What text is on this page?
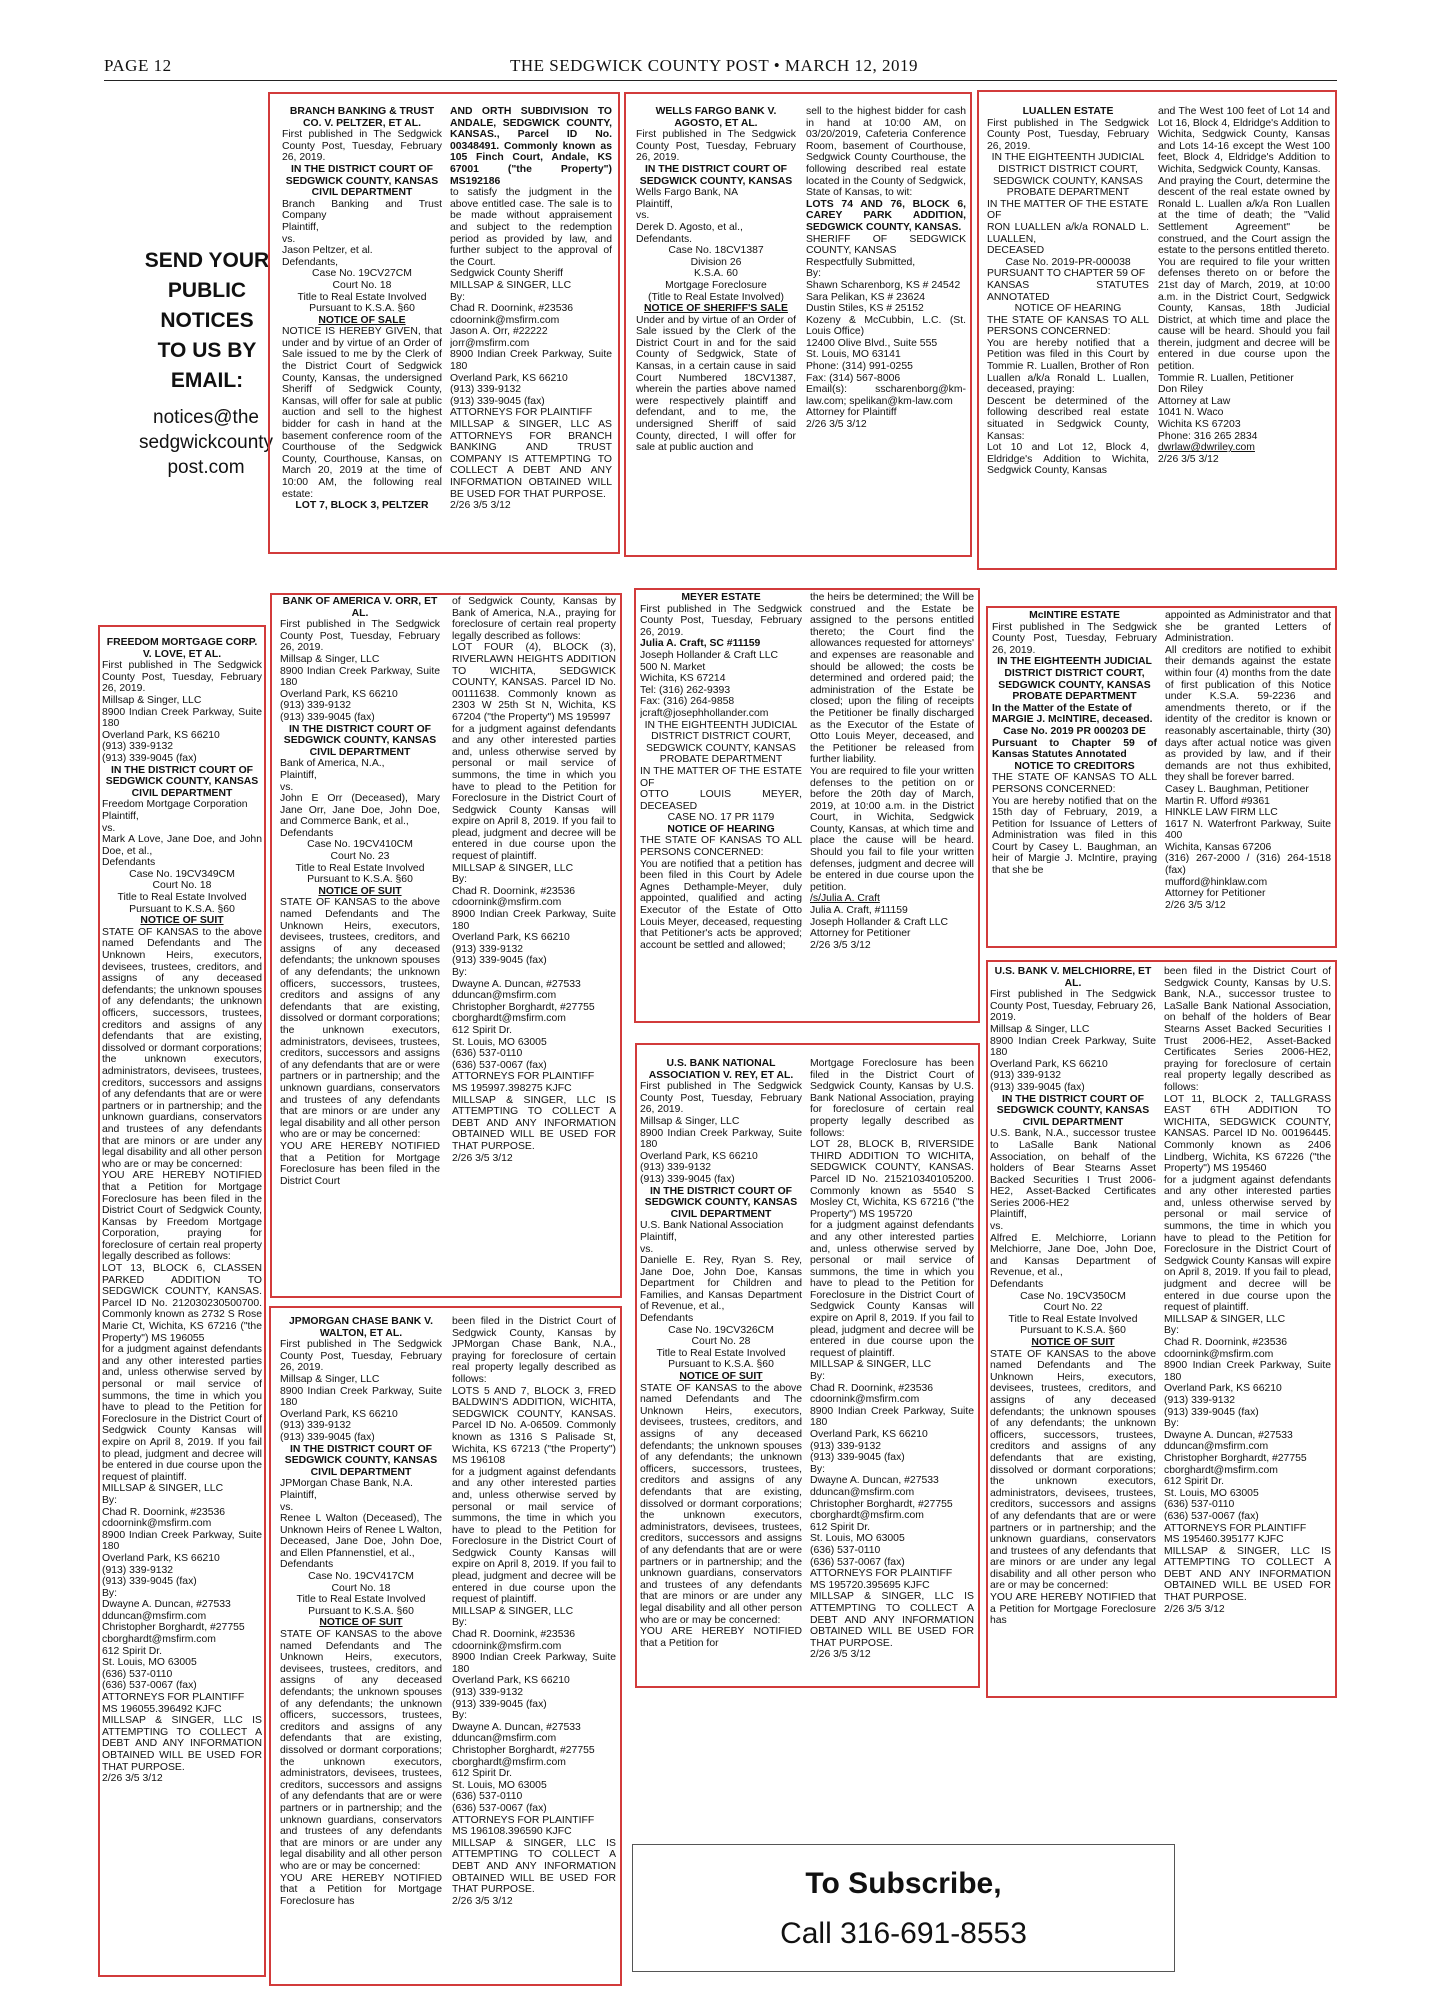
PAGE 12	THE SEDGWICK COUNTY POST • MARCH 12, 2019
SEND YOUR
PUBLIC
NOTICES
TO US BY
EMAIL:
notices@the
sedgwickcounty
post.com

BRANCH BANKING & TRUST CO. V. PELTZER, ET AL.

First published in The Sedgwick County Post, Tuesday, February 26, 2019.

IN THE DISTRICT COURT OF SEDGWICK COUNTY, KANSAS

CIVIL DEPARTMENT

Branch Banking and Trust Company

Plaintiff,

vs.

Jason Peltzer, et al.

Defendants,

Case No. 19CV27CM

Court No. 18

Title to Real Estate Involved

Pursuant to K.S.A. §60

NOTICE OF SALE

NOTICE IS HEREBY GIVEN, that under and by virtue of an Order of Sale issued to me by the Clerk of the District Court of Sedgwick County, Kansas, the undersigned Sheriff of Sedgwick County, Kansas, will offer for sale at public auction and sell to the highest bidder for cash in hand at the basement conference room of the Courthouse of the Sedgwick County, Courthouse, Kansas, on March 20, 2019 at the time of 10:00 AM, the following real estate:

LOT 7, BLOCK 3, PELTZER

AND ORTH SUBDIVISION TO ANDALE, SEDGWICK COUNTY, KANSAS., Parcel ID No. 00348491. Commonly known as 105 Finch Court, Andale, KS 67001 ("the Property") MS192186

to satisfy the judgment in the above entitled case. The sale is to be made without appraisement and subject to the redemption period as provided by law, and further subject to the approval of the Court.

Sedgwick County Sheriff

MILLSAP & SINGER, LLC

By:

Chad R. Doornink, #23536

cdoornink@msfirm.com

Jason A. Orr, #22222

jorr@msfirm.com

8900 Indian Creek Parkway, Suite 180

Overland Park, KS 66210

(913) 339-9132

(913) 339-9045 (fax)

ATTORNEYS FOR PLAINTIFF

MILLSAP & SINGER, LLC AS ATTORNEYS FOR BRANCH BANKING AND TRUST COMPANY IS ATTEMPTING TO COLLECT A DEBT AND ANY INFORMATION OBTAINED WILL BE USED FOR THAT PURPOSE.

2/26 3/5 3/12

WELLS FARGO BANK V. AGOSTO, ET AL.

First published in The Sedgwick County Post, Tuesday, February 26, 2019.

IN THE DISTRICT COURT OF SEDGWICK COUNTY, KANSAS

Wells Fargo Bank, NA

Plaintiff,

vs.

Derek D. Agosto, et al.,

Defendants.

Case No. 18CV1387

Division 26

K.S.A. 60

Mortgage Foreclosure

(Title to Real Estate Involved)

NOTICE OF SHERIFF'S SALE

Under and by virtue of an Order of Sale issued by the Clerk of the District Court in and for the said County of Sedgwick, State of Kansas, in a certain cause in said Court Numbered 18CV1387, wherein the parties above named were respectively plaintiff and defendant, and to me, the undersigned Sheriff of said County, directed, I will offer for sale at public auction and

sell to the highest bidder for cash in hand at 10:00 AM, on 03/20/2019, Cafeteria Conference Room, basement of Courthouse, Sedgwick County Courthouse, the following described real estate located in the County of Sedgwick, State of Kansas, to wit:

LOTS 74 AND 76, BLOCK 6, CAREY PARK ADDITION, SEDGWICK COUNTY, KANSAS.

SHERIFF OF SEDGWICK COUNTY, KANSAS

Respectfully Submitted,

By:

Shawn Scharenborg, KS # 24542

Sara Pelikan, KS # 23624

Dustin Stiles, KS # 25152

Kozeny & McCubbin, L.C. (St. Louis Office)

12400 Olive Blvd., Suite 555

St. Louis, MO 63141

Phone: (314) 991-0255

Fax: (314) 567-8006

Email(s): sscharenborg@km-law.com; spelikan@km-law.com

Attorney for Plaintiff

2/26 3/5 3/12

LUALLEN ESTATE

First published in The Sedgwick County Post, Tuesday, February 26, 2019.

IN THE EIGHTEENTH JUDICIAL DISTRICT DISTRICT COURT, SEDGWICK COUNTY, KANSAS

PROBATE DEPARTMENT

IN THE MATTER OF THE ESTATE

OF

RON LUALLEN a/k/a RONALD L. LUALLEN,

DECEASED

Case No. 2019-PR-000038

PURSUANT TO CHAPTER 59 OF

KANSAS STATUTES ANNOTATED

NOTICE OF HEARING

THE STATE OF KANSAS TO ALL PERSONS CONCERNED:

You are hereby notified that a Petition was filed in this Court by Tommie R. Luallen, Brother of Ron Luallen a/k/a Ronald L. Luallen, deceased, praying:

Descent be determined of the following described real estate situated in Sedgwick County, Kansas:

Lot 10 and Lot 12, Block 4, Eldridge's Addition to Wichita, Sedgwick County, Kansas

and The West 100 feet of Lot 14 and Lot 16, Block 4, Eldridge's Addition to Wichita, Sedgwick County, Kansas and Lots 14-16 except the West 100 feet, Block 4, Eldridge's Addition to Wichita, Sedgwick County, Kansas.

And praying the Court, determine the descent of the real estate owned by Ronald L. Luallen a/k/a Ron Luallen at the time of death; the "Valid Settlement Agreement" be construed, and the Court assign the estate to the persons entitled thereto.

You are required to file your written defenses thereto on or before the 21st day of March, 2019, at 10:00 a.m. in the District Court, Sedgwick County, Kansas, 18th Judicial District, at which time and place the cause will be heard. Should you fail therein, judgment and decree will be entered in due course upon the petition.

Tommie R. Luallen, Petitioner

Don Riley

Attorney at Law

1041 N. Waco

Wichita KS 67203

Phone: 316 265 2834

dwrlaw@dwriley.com

2/26 3/5 3/12

FREEDOM MORTGAGE CORP. V. LOVE, ET AL.

First published in The Sedgwick County Post, Tuesday, February 26, 2019.

Millsap & Singer, LLC

8900 Indian Creek Parkway, Suite 180

Overland Park, KS 66210

(913) 339-9132

(913) 339-9045 (fax)

IN THE DISTRICT COURT OF SEDGWICK COUNTY, KANSAS

CIVIL DEPARTMENT

Freedom Mortgage Corporation

Plaintiff,

vs.

Mark A Love, Jane Doe, and John Doe, et al.,

Defendants

Case No. 19CV349CM

Court No. 18

Title to Real Estate Involved

Pursuant to K.S.A. §60

NOTICE OF SUIT

STATE OF KANSAS to the above named Defendants and The Unknown Heirs, executors, devisees, trustees, creditors, and assigns of any deceased defendants; the unknown spouses of any defendants; the unknown officers, successors, trustees, creditors and assigns of any defendants that are existing, dissolved or dormant corporations; the unknown executors, administrators, devisees, trustees, creditors, successors and assigns of any defendants that are or were partners or in partnership; and the unknown guardians, conservators and trustees of any defendants that are minors or are under any legal disability and all other person who are or may be concerned:

YOU ARE HEREBY NOTIFIED that a Petition for Mortgage Foreclosure has been filed in the District Court of Sedgwick County, Kansas by Freedom Mortgage Corporation, praying for foreclosure of certain real property legally described as follows:

LOT 13, BLOCK 6, CLASSEN PARKED ADDITION TO SEDGWICK COUNTY, KANSAS. Parcel ID No. 212030230500700. Commonly known as 2732 S Rose Marie Ct, Wichita, KS 67216 ("the Property") MS 196055

for a judgment against defendants and any other interested parties and, unless otherwise served by personal or mail service of summons, the time in which you have to plead to the Petition for Foreclosure in the District Court of Sedgwick County Kansas will expire on April 8, 2019. If you fail to plead, judgment and decree will be entered in due course upon the request of plaintiff.

MILLSAP & SINGER, LLC

By:

Chad R. Doornink, #23536

cdoornink@msfirm.com

8900 Indian Creek Parkway, Suite 180

Overland Park, KS 66210

(913) 339-9132

(913) 339-9045 (fax)

By:

Dwayne A. Duncan, #27533

dduncan@msfirm.com

Christopher Borghardt, #27755

cborghardt@msfirm.com

612 Spirit Dr.

St. Louis, MO 63005

(636) 537-0110

(636) 537-0067 (fax)

ATTORNEYS FOR PLAINTIFF

MS 196055.396492 KJFC

MILLSAP & SINGER, LLC IS ATTEMPTING TO COLLECT A DEBT AND ANY INFORMATION OBTAINED WILL BE USED FOR THAT PURPOSE.

2/26 3/5 3/12

BANK OF AMERICA V. ORR, ET AL.

First published in The Sedgwick County Post, Tuesday, February 26, 2019.

Millsap & Singer, LLC

8900 Indian Creek Parkway, Suite 180

Overland Park, KS 66210

(913) 339-9132

(913) 339-9045 (fax)

IN THE DISTRICT COURT OF SEDGWICK COUNTY, KANSAS

CIVIL DEPARTMENT

Bank of America, N.A.,

Plaintiff,

vs.

John E Orr (Deceased), Mary Jane Orr, Jane Doe, John Doe, and Commerce Bank, et al.,

Defendants

Case No. 19CV410CM

Court No. 23

Title to Real Estate Involved

Pursuant to K.S.A. §60

NOTICE OF SUIT

STATE OF KANSAS to the above named Defendants and The Unknown Heirs, executors, devisees, trustees, creditors, and assigns of any deceased defendants; the unknown spouses of any defendants; the unknown officers, successors, trustees, creditors and assigns of any defendants that are existing, dissolved or dormant corporations; the unknown executors, administrators, devisees, trustees, creditors, successors and assigns of any defendants that are or were partners or in partnership; and the unknown guardians, conservators and trustees of any defendants that are minors or are under any legal disability and all other person who are or may be concerned:

YOU ARE HEREBY NOTIFIED that a Petition for Mortgage Foreclosure has been filed in the District Court

of Sedgwick County, Kansas by Bank of America, N.A., praying for foreclosure of certain real property legally described as follows:

LOT FOUR (4), BLOCK (3), RIVERLAWN HEIGHTS ADDITION TO WICHITA, SEDGWICK COUNTY, KANSAS. Parcel ID No. 00111638. Commonly known as 2303 W 25th St N, Wichita, KS 67204 ("the Property") MS 195997

for a judgment against defendants and any other interested parties and, unless otherwise served by personal or mail service of summons, the time in which you have to plead to the Petition for Foreclosure in the District Court of Sedgwick County Kansas will expire on April 8, 2019. If you fail to plead, judgment and decree will be entered in due course upon the request of plaintiff.

MILLSAP & SINGER, LLC

By:

Chad R. Doornink, #23536

cdoornink@msfirm.com

8900 Indian Creek Parkway, Suite 180

Overland Park, KS 66210

(913) 339-9132

(913) 339-9045 (fax)

By:

Dwayne A. Duncan, #27533

dduncan@msfirm.com

Christopher Borghardt, #27755

cborghardt@msfirm.com

612 Spirit Dr.

St. Louis, MO 63005

(636) 537-0110

(636) 537-0067 (fax)

ATTORNEYS FOR PLAINTIFF

MS 195997.398275 KJFC

MILLSAP & SINGER, LLC IS ATTEMPTING TO COLLECT A DEBT AND ANY INFORMATION OBTAINED WILL BE USED FOR THAT PURPOSE.

2/26 3/5 3/12

MEYER ESTATE

First published in The Sedgwick County Post, Tuesday, February 26, 2019.

Julia A. Craft, SC #11159

Joseph Hollander & Craft LLC

500 N. Market

Wichita, KS 67214

Tel: (316) 262-9393

Fax: (316) 264-9858

jcraft@josephhollander.com

IN THE EIGHTEENTH JUDICIAL DISTRICT DISTRICT COURT, SEDGWICK COUNTY, KANSAS

PROBATE DEPARTMENT

IN THE MATTER OF THE ESTATE OF

OTTO LOUIS MEYER, DECEASED

CASE NO. 17 PR 1179

NOTICE OF HEARING

THE STATE OF KANSAS TO ALL PERSONS CONCERNED:

You are notified that a petition has been filed in this Court by Adele Agnes Dethample-Meyer, duly appointed, qualified and acting Executor of the Estate of Otto Louis Meyer, deceased, requesting that Petitioner's acts be approved; account be settled and allowed;

the heirs be determined; the Will be construed and the Estate be assigned to the persons entitled thereto; the Court find the allowances requested for attorneys' and expenses are reasonable and should be allowed; the costs be determined and ordered paid; the administration of the Estate be closed; upon the filing of receipts the Petitioner be finally discharged as the Executor of the Estate of Otto Louis Meyer, deceased, and the Petitioner be released from further liability.

You are required to file your written defenses to the petition on or before the 20th day of March, 2019, at 10:00 a.m. in the District Court, in Wichita, Sedgwick County, Kansas, at which time and place the cause will be heard. Should you fail to file your written defenses, judgment and decree will be entered in due course upon the petition.

/s/Julia A. Craft

Julia A. Craft, #11159

Joseph Hollander & Craft LLC

Attorney for Petitioner

2/26 3/5 3/12

McINTIRE ESTATE

First published in The Sedgwick County Post, Tuesday, February 26, 2019.

IN THE EIGHTEENTH JUDICIAL DISTRICT DISTRICT COURT, SEDGWICK COUNTY, KANSAS

PROBATE DEPARTMENT

In the Matter of the Estate of

MARGIE J. McINTIRE, deceased.

Case No. 2019 PR 000203 DE

Pursuant to Chapter 59 of Kansas Statutes Annotated

NOTICE TO CREDITORS

THE STATE OF KANSAS TO ALL PERSONS CONCERNED:

You are hereby notified that on the 15th day of February, 2019, a Petition for Issuance of Letters of Administration was filed in this Court by Casey L. Baughman, an heir of Margie J. McIntire, praying that she be

appointed as Administrator and that she be granted Letters of Administration.

All creditors are notified to exhibit their demands against the estate within four (4) months from the date of first publication of this Notice under K.S.A. 59-2236 and amendments thereto, or if the identity of the creditor is known or reasonably ascertainable, thirty (30) days after actual notice was given as provided by law, and if their demands are not thus exhibited, they shall be forever barred.

Casey L. Baughman, Petitioner

Martin R. Ufford #9361

HINKLE LAW FIRM LLC

1617 N. Waterfront Parkway, Suite 400

Wichita, Kansas 67206

(316) 267-2000 / (316) 264-1518 (fax)

mufford@hinklaw.com

Attorney for Petitioner

2/26 3/5 3/12

JPMORGAN CHASE BANK V. WALTON, ET AL.

First published in The Sedgwick County Post, Tuesday, February 26, 2019.

Millsap & Singer, LLC

8900 Indian Creek Parkway, Suite 180

Overland Park, KS 66210

(913) 339-9132

(913) 339-9045 (fax)

IN THE DISTRICT COURT OF SEDGWICK COUNTY, KANSAS

CIVIL DEPARTMENT

JPMorgan Chase Bank, N.A.

Plaintiff,

vs.

Renee L Walton (Deceased), The Unknown Heirs of Renee L Walton, Deceased, Jane Doe, John Doe, and Ellen Pfannenstiel, et al.,

Defendants

Case No. 19CV417CM

Court No. 18

Title to Real Estate Involved

Pursuant to K.S.A. §60

NOTICE OF SUIT

STATE OF KANSAS to the above named Defendants and The Unknown Heirs, executors, devisees, trustees, creditors, and assigns of any deceased defendants; the unknown spouses of any defendants; the unknown officers, successors, trustees, creditors and assigns of any defendants that are existing, dissolved or dormant corporations; the unknown executors, administrators, devisees, trustees, creditors, successors and assigns of any defendants that are or were partners or in partnership; and the unknown guardians, conservators and trustees of any defendants that are minors or are under any legal disability and all other person who are or may be concerned:

YOU ARE HEREBY NOTIFIED that a Petition for Mortgage Foreclosure has

been filed in the District Court of Sedgwick County, Kansas by JPMorgan Chase Bank, N.A., praying for foreclosure of certain real property legally described as follows:

LOTS 5 AND 7, BLOCK 3, FRED BALDWIN'S ADDITION, WICHITA, SEDGWICK COUNTY, KANSAS. Parcel ID No. A-06509. Commonly known as 1316 S Palisade St, Wichita, KS 67213 ("the Property") MS 196108

for a judgment against defendants and any other interested parties and, unless otherwise served by personal or mail service of summons, the time in which you have to plead to the Petition for Foreclosure in the District Court of Sedgwick County Kansas will expire on April 8, 2019. If you fail to plead, judgment and decree will be entered in due course upon the request of plaintiff.

MILLSAP & SINGER, LLC

By:

Chad R. Doornink, #23536

cdoornink@msfirm.com

8900 Indian Creek Parkway, Suite 180

Overland Park, KS 66210

(913) 339-9132

(913) 339-9045 (fax)

By:

Dwayne A. Duncan, #27533

dduncan@msfirm.com

Christopher Borghardt, #27755

cborghardt@msfirm.com

612 Spirit Dr.

St. Louis, MO 63005

(636) 537-0110

(636) 537-0067 (fax)

ATTORNEYS FOR PLAINTIFF

MS 196108.396590 KJFC

MILLSAP & SINGER, LLC IS ATTEMPTING TO COLLECT A DEBT AND ANY INFORMATION OBTAINED WILL BE USED FOR THAT PURPOSE.

2/26 3/5 3/12

U.S. BANK NATIONAL ASSOCIATION V. REY, ET AL.

First published in The Sedgwick County Post, Tuesday, February 26, 2019.

Millsap & Singer, LLC

8900 Indian Creek Parkway, Suite 180

Overland Park, KS 66210

(913) 339-9132

(913) 339-9045 (fax)

IN THE DISTRICT COURT OF SEDGWICK COUNTY, KANSAS

CIVIL DEPARTMENT

U.S. Bank National Association

Plaintiff,

vs.

Danielle E. Rey, Ryan S. Rey, Jane Doe, John Doe, Kansas Department for Children and Families, and Kansas Department of Revenue, et al.,

Defendants

Case No. 19CV326CM

Court No. 28

Title to Real Estate Involved

Pursuant to K.S.A. §60

NOTICE OF SUIT

STATE OF KANSAS to the above named Defendants and The Unknown Heirs, executors, devisees, trustees, creditors, and assigns of any deceased defendants; the unknown spouses of any defendants; the unknown officers, successors, trustees, creditors and assigns of any defendants that are existing, dissolved or dormant corporations; the unknown executors, administrators, devisees, trustees, creditors, successors and assigns of any defendants that are or were partners or in partnership; and the unknown guardians, conservators and trustees of any defendants that are minors or are under any legal disability and all other person who are or may be concerned:

YOU ARE HEREBY NOTIFIED that a Petition for

Mortgage Foreclosure has been filed in the District Court of Sedgwick County, Kansas by U.S. Bank National Association, praying for foreclosure of certain real property legally described as follows:

LOT 28, BLOCK B, RIVERSIDE THIRD ADDITION TO WICHITA, SEDGWICK COUNTY, KANSAS. Parcel ID No. 215210340105200. Commonly known as 5540 S Mosley Ct, Wichita, KS 67216 ("the Property") MS 195720

for a judgment against defendants and any other interested parties and, unless otherwise served by personal or mail service of summons, the time in which you have to plead to the Petition for Foreclosure in the District Court of Sedgwick County Kansas will expire on April 8, 2019. If you fail to plead, judgment and decree will be entered in due course upon the request of plaintiff.

MILLSAP & SINGER, LLC

By:

Chad R. Doornink, #23536

cdoornink@msfirm.com

8900 Indian Creek Parkway, Suite 180

Overland Park, KS 66210

(913) 339-9132

(913) 339-9045 (fax)

By:

Dwayne A. Duncan, #27533

dduncan@msfirm.com

Christopher Borghardt, #27755

cborghardt@msfirm.com

612 Spirit Dr.

St. Louis, MO 63005

(636) 537-0110

(636) 537-0067 (fax)

ATTORNEYS FOR PLAINTIFF

MS 195720.395695 KJFC

MILLSAP & SINGER, LLC IS ATTEMPTING TO COLLECT A DEBT AND ANY INFORMATION OBTAINED WILL BE USED FOR THAT PURPOSE.

2/26 3/5 3/12

U.S. BANK V. MELCHIORRE, ET AL.

First published in The Sedgwick County Post, Tuesday, February 26, 2019.

Millsap & Singer, LLC

8900 Indian Creek Parkway, Suite 180

Overland Park, KS 66210

(913) 339-9132

(913) 339-9045 (fax)

IN THE DISTRICT COURT OF SEDGWICK COUNTY, KANSAS

CIVIL DEPARTMENT

U.S. Bank, N.A., successor trustee to LaSalle Bank National Association, on behalf of the holders of Bear Stearns Asset Backed Securities I Trust 2006-HE2, Asset-Backed Certificates Series 2006-HE2

Plaintiff,

vs.

Alfred E. Melchiorre, Loriann Melchiorre, Jane Doe, John Doe, and Kansas Department of Revenue, et al.,

Defendants

Case No. 19CV350CM

Court No. 22

Title to Real Estate Involved

Pursuant to K.S.A. §60

NOTICE OF SUIT

STATE OF KANSAS to the above named Defendants and The Unknown Heirs, executors, devisees, trustees, creditors, and assigns of any deceased defendants; the unknown spouses of any defendants; the unknown officers, successors, trustees, creditors and assigns of any defendants that are existing, dissolved or dormant corporations; the unknown executors, administrators, devisees, trustees, creditors, successors and assigns of any defendants that are or were partners or in partnership; and the unknown guardians, conservators and trustees of any defendants that are minors or are under any legal disability and all other person who are or may be concerned:

YOU ARE HEREBY NOTIFIED that a Petition for Mortgage Foreclosure has

been filed in the District Court of Sedgwick County, Kansas by U.S. Bank, N.A., successor trustee to LaSalle Bank National Association, on behalf of the holders of Bear Stearns Asset Backed Securities I Trust 2006-HE2, Asset-Backed Certificates Series 2006-HE2, praying for foreclosure of certain real property legally described as follows:

LOT 11, BLOCK 2, TALLGRASS EAST 6TH ADDITION TO WICHITA, SEDGWICK COUNTY, KANSAS. Parcel ID No. 00196445. Commonly known as 2406 Lindberg, Wichita, KS 67226 ("the Property") MS 195460

for a judgment against defendants and any other interested parties and, unless otherwise served by personal or mail service of summons, the time in which you have to plead to the Petition for Foreclosure in the District Court of Sedgwick County Kansas will expire on April 8, 2019. If you fail to plead, judgment and decree will be entered in due course upon the request of plaintiff.

MILLSAP & SINGER, LLC

By:

Chad R. Doornink, #23536

cdoornink@msfirm.com

8900 Indian Creek Parkway, Suite 180

Overland Park, KS 66210

(913) 339-9132

(913) 339-9045 (fax)

By:

Dwayne A. Duncan, #27533

dduncan@msfirm.com

Christopher Borghardt, #27755

cborghardt@msfirm.com

612 Spirit Dr.

St. Louis, MO 63005

(636) 537-0110

(636) 537-0067 (fax)

ATTORNEYS FOR PLAINTIFF

MS 195460.395177 KJFC

MILLSAP & SINGER, LLC IS ATTEMPTING TO COLLECT A DEBT AND ANY INFORMATION OBTAINED WILL BE USED FOR THAT PURPOSE.

2/26 3/5 3/12

To Subscribe,
Call 316-691-8553
